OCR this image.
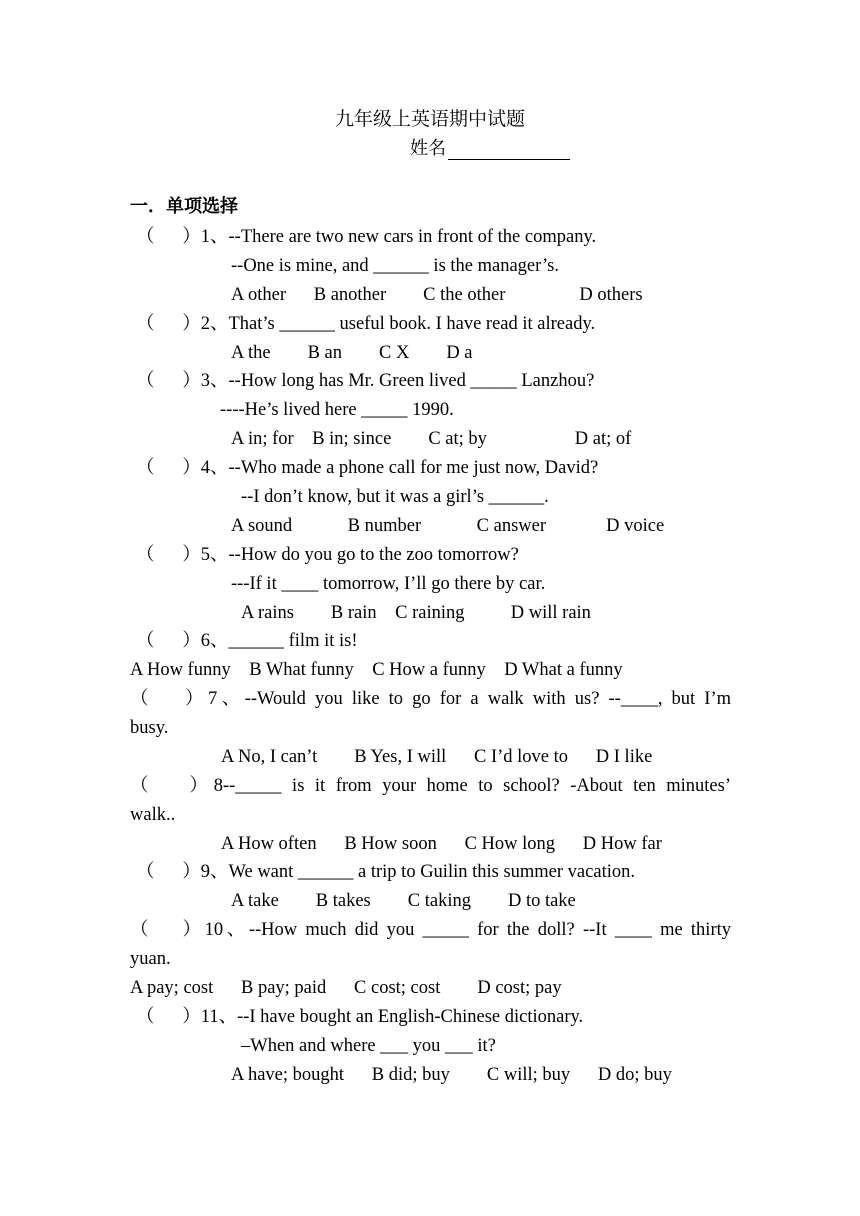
九年级上英语期中试题
姓名
一．单项选择
（　  ）1、--There are two new cars in front of the company.
--One is mine, and ______ is the manager’s.
A other      B another        C the other                D others
（　  ）2、That’s ______ useful book. I have read it already.
A the        B an        C X        D a
（　  ）3、--How long has Mr. Green lived _____ Lanzhou?
----He’s lived here _____ 1990.
A in; for    B in; since        C at; by                   D at; of
（　  ）4、--Who made a phone call for me just now, David?
--I don’t know, but it was a girl’s ______.
A sound            B number            C answer             D voice
（　  ）5、--How do you go to the zoo tomorrow?
---If it ____ tomorrow, I’ll go there by car.
A rains        B rain    C raining          D will rain
（　  ）6、______ film it is!
A How funny    B What funny    C How a funny    D What a funny
（　 ）7、--Would you like to go for a walk with us? --____, but I’m
busy.
A No, I can’t        B Yes, I will      C I’d love to      D I like
（　 ）8--_____ is it from your home to school? -About ten minutes’
walk..
A How often      B How soon      C How long      D How far
（　  ）9、We want ______ a trip to Guilin this summer vacation.
A take        B takes        C taking        D to take
（　 ）10、--How much did you _____ for the doll? --It ____ me thirty
yuan.
A pay; cost      B pay; paid      C cost; cost        D cost; pay
（　  ）11、--I have bought an English-Chinese dictionary.
–When and where ___ you ___ it?
A have; bought      B did; buy        C will; buy      D do; buy
